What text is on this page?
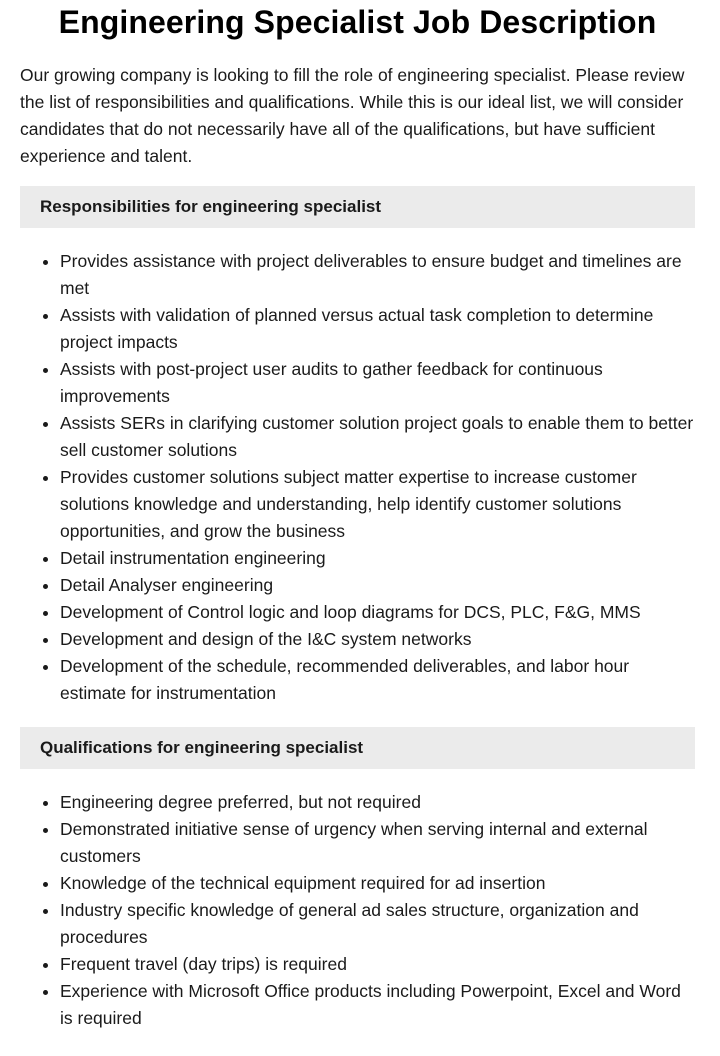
Engineering Specialist Job Description

Our growing company is looking to fill the role of engineering specialist. Please review the list of responsibilities and qualifications. While this is our ideal list, we will consider candidates that do not necessarily have all of the qualifications, but have sufficient experience and talent.

Responsibilities for engineering specialist
• Provides assistance with project deliverables to ensure budget and timelines are met
• Assists with validation of planned versus actual task completion to determine project impacts
• Assists with post-project user audits to gather feedback for continuous improvements
• Assists SERs in clarifying customer solution project goals to enable them to better sell customer solutions
• Provides customer solutions subject matter expertise to increase customer solutions knowledge and understanding, help identify customer solutions opportunities, and grow the business
• Detail instrumentation engineering
• Detail Analyser engineering
• Development of Control logic and loop diagrams for DCS, PLC, F&G, MMS
• Development and design of the I&C system networks
• Development of the schedule, recommended deliverables, and labor hour estimate for instrumentation
Qualifications for engineering specialist
• Engineering degree preferred, but not required
• Demonstrated initiative sense of urgency when serving internal and external customers
• Knowledge of the technical equipment required for ad insertion
• Industry specific knowledge of general ad sales structure, organization and procedures
• Frequent travel (day trips) is required
• Experience with Microsoft Office products including Powerpoint, Excel and Word is required
